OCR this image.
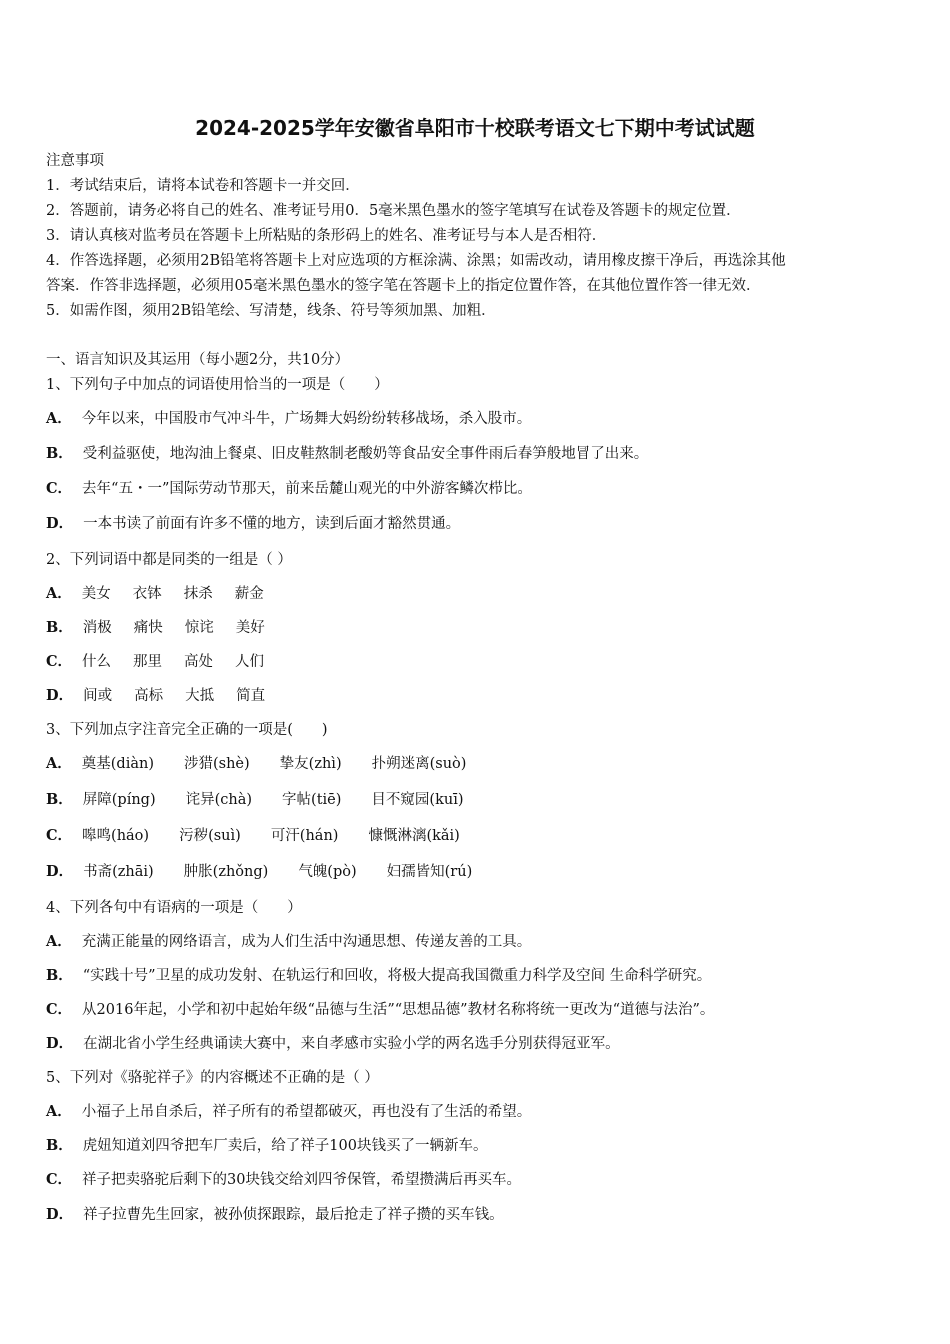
2024-2025学年安徽省阜阳市十校联考语文七下期中考试试题
注意事项
1．考试结束后，请将本试卷和答题卡一并交回．
2．答题前，请务必将自己的姓名、准考证号用0．5毫米黑色墨水的签字笔填写在试卷及答题卡的规定位置．
3．请认真核对监考员在答题卡上所粘贴的条形码上的姓名、准考证号与本人是否相符．
4．作答选择题，必须用2B铅笔将答题卡上对应选项的方框涂满、涂黑；如需改动，请用橡皮擦干净后，再选涂其他
答案．作答非选择题，必须用05毫米黑色墨水的签字笔在答题卡上的指定位置作答，在其他位置作答一律无效．
5．如需作图，须用2B铅笔绘、写清楚，线条、符号等须加黑、加粗．
一、语言知识及其运用（每小题2分，共10分）
1、下列句子中加点的词语使用恰当的一项是（　　）
A． 今年以来，中国股市气冲斗牛，广场舞大妈纷纷转移战场，杀入股市。
B． 受利益驱使，地沟油上餐桌、旧皮鞋熬制老酸奶等食品安全事件雨后春笋般地冒了出来。
C． 去年“五・一”国际劳动节那天，前来岳麓山观光的中外游客鳞次栉比。
D． 一本书读了前面有许多不懂的地方，读到后面才豁然贯通。
2、下列词语中都是同类的一组是（ ）
A． 美女 衣钵 抹杀 薪金
B． 消极 痛快 惊诧 美好
C． 什么 那里 高处 人们
D． 间或 高标 大抵 简直
3、下列加点字注音完全正确的一项是(　　)
A． 奠基(diàn) 涉猎(shè) 挚友(zhì) 扑朔迷离(suò)
B． 屏障(píng) 诧异(chà) 字帖(tiē) 目不窥园(kuī)
C． 嗥鸣(háo) 污秽(suì) 可汗(hán) 慷慨淋漓(kǎi)
D． 书斋(zhāi) 肿胀(zhǒng) 气魄(pò) 妇孺皆知(rú)
4、下列各句中有语病的一项是（　　）
A． 充满正能量的网络语言，成为人们生活中沟通思想、传递友善的工具。
B． “实践十号”卫星的成功发射、在轨运行和回收，将极大提高我国微重力科学及空间 生命科学研究。
C． 从2016年起，小学和初中起始年级“品德与生活”“思想品德”教材名称将统一更改为“道德与法治”。
D． 在湖北省小学生经典诵读大赛中，来自孝感市实验小学的两名选手分别获得冠亚军。
5、下列对《骆驼祥子》的内容概述不正确的是（ ）
A． 小福子上吊自杀后，祥子所有的希望都破灭，再也没有了生活的希望。
B． 虎妞知道刘四爷把车厂卖后，给了祥子100块钱买了一辆新车。
C． 祥子把卖骆驼后剩下的30块钱交给刘四爷保管，希望攒满后再买车。
D． 祥子拉曹先生回家，被孙侦探跟踪，最后抢走了祥子攒的买车钱。
